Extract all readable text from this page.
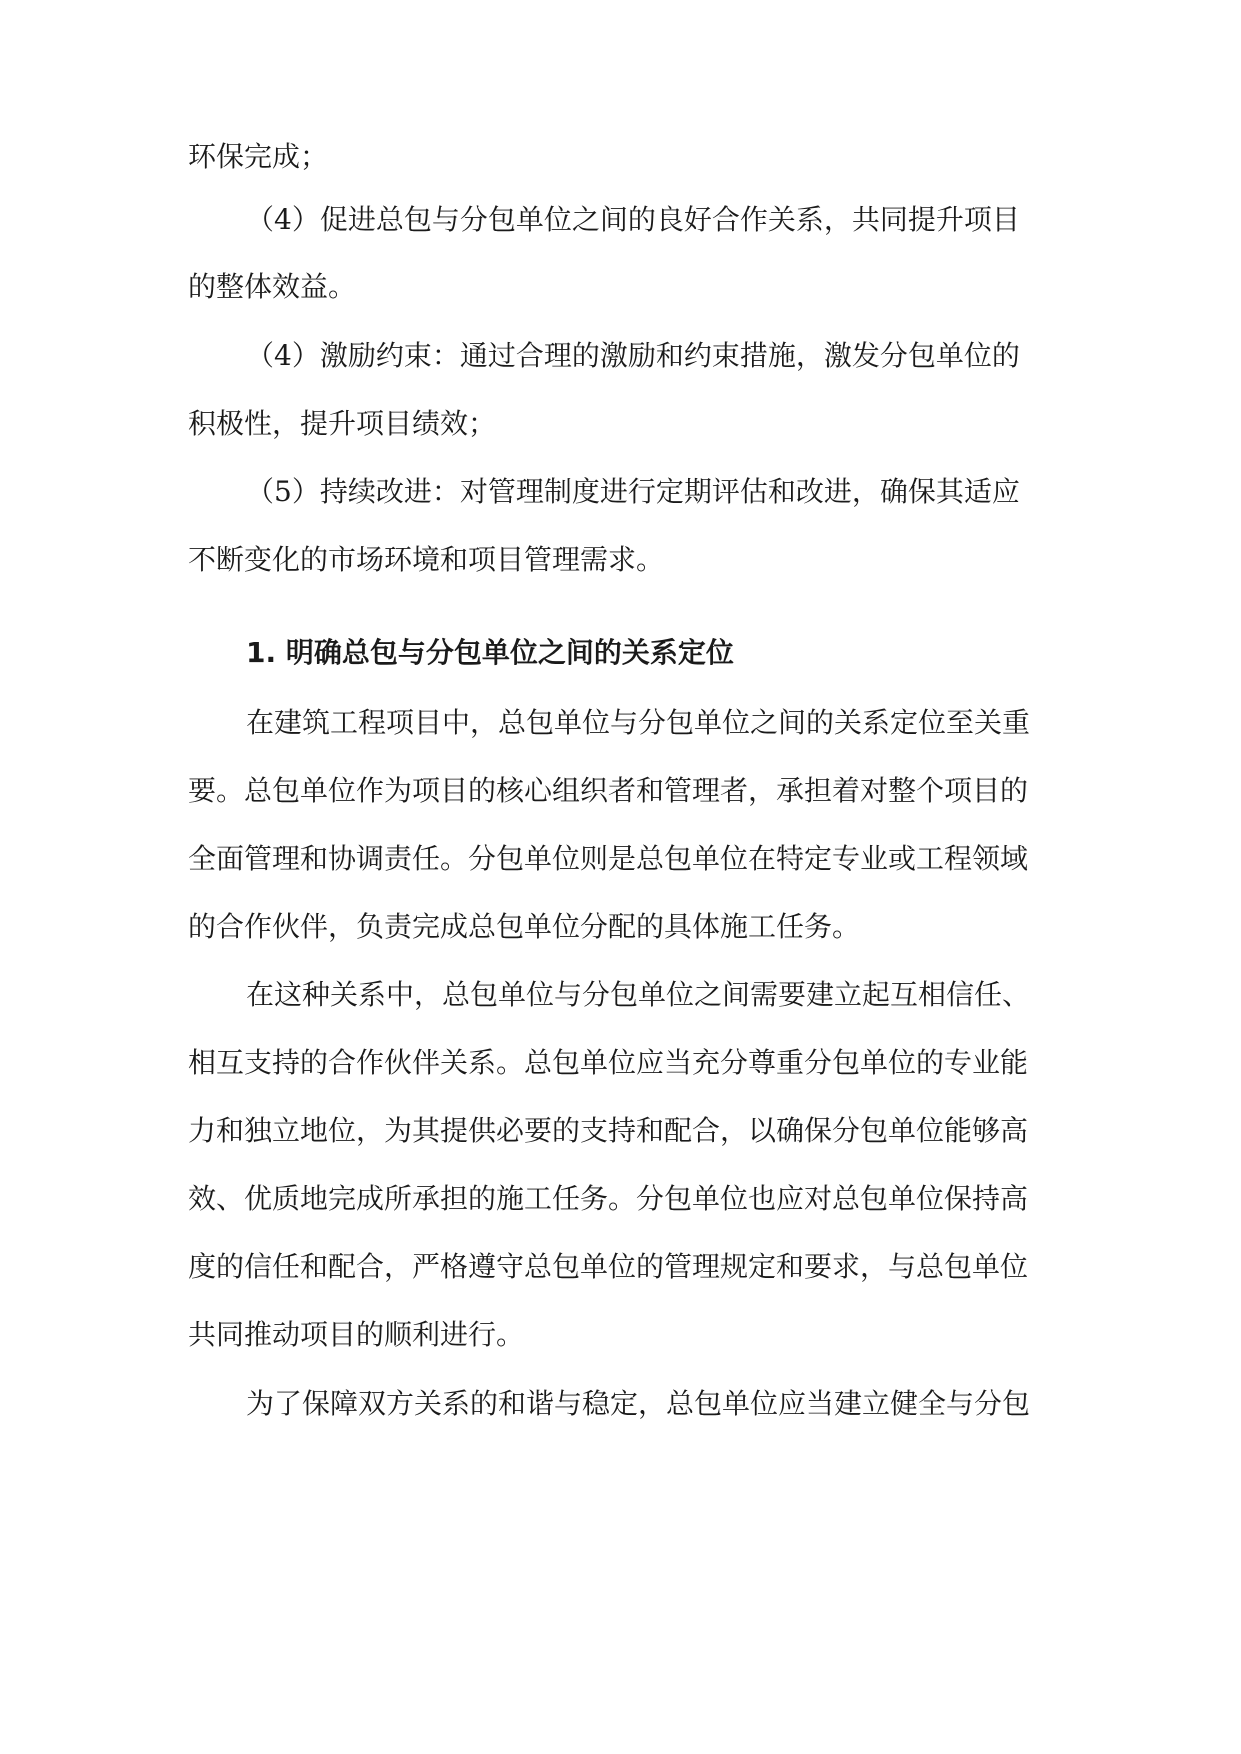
环保完成；

（4）促进总包与分包单位之间的良好合作关系，共同提升项目

的整体效益。

（4）激励约束：通过合理的激励和约束措施，激发分包单位的

积极性，提升项目绩效；

（5）持续改进：对管理制度进行定期评估和改进，确保其适应

不断变化的市场环境和项目管理需求。

1. 明确总包与分包单位之间的关系定位

在建筑工程项目中，总包单位与分包单位之间的关系定位至关重

要。总包单位作为项目的核心组织者和管理者，承担着对整个项目的

全面管理和协调责任。分包单位则是总包单位在特定专业或工程领域

的合作伙伴，负责完成总包单位分配的具体施工任务。

在这种关系中，总包单位与分包单位之间需要建立起互相信任、

相互支持的合作伙伴关系。总包单位应当充分尊重分包单位的专业能

力和独立地位，为其提供必要的支持和配合，以确保分包单位能够高

效、优质地完成所承担的施工任务。分包单位也应对总包单位保持高

度的信任和配合，严格遵守总包单位的管理规定和要求，与总包单位

共同推动项目的顺利进行。

为了保障双方关系的和谐与稳定，总包单位应当建立健全与分包
